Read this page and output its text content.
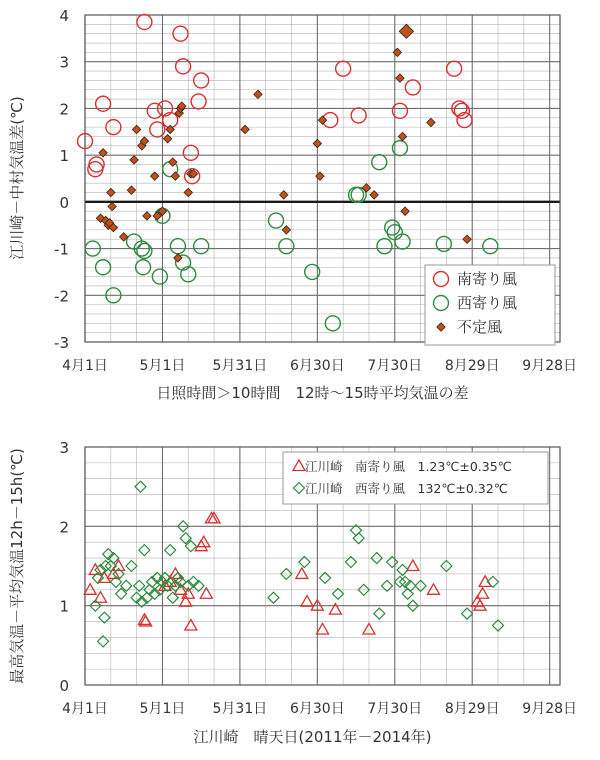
-3
-2
-1
0
1
2
3
4
4月1日 5月1日 5月31日 6月30日 7月30日 8月29日 9月28日
江川崎－中村気温差(℃)
日照時間＞10時間　12時～15時平均気温の差
南寄り風
西寄り風
不定風
0
1
2
3
4月1日 5月1日 5月31日 6月30日 7月30日 8月29日 9月28日
最高気温－平均気温12h－15h(℃)
江川崎　晴天日(2011年－2014年)
江川崎　南寄り風　1.23℃±0.35℃
江川崎　西寄り風　132℃±0.32℃
